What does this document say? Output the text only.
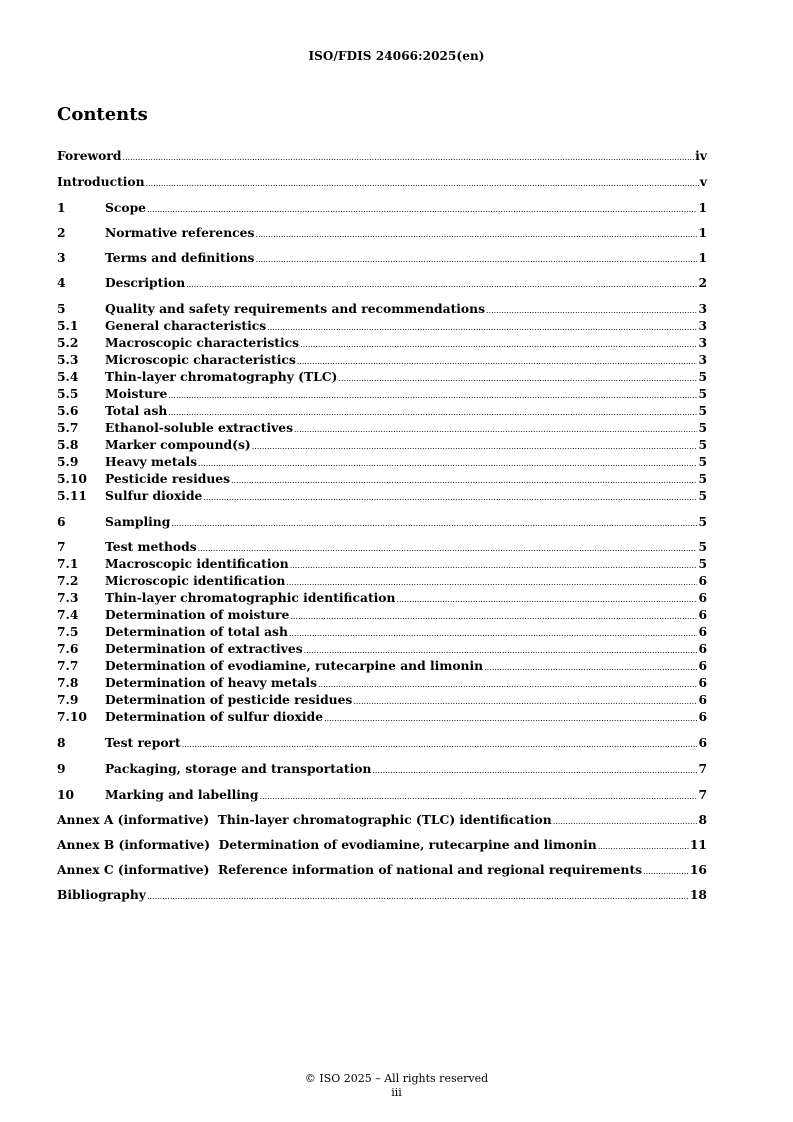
ISO/FDIS 24066:2025(en)
Contents
Foreword .....	iv
Introduction .....	v
1	Scope .....	1
2	Normative references .....	1
3	Terms and definitions .....	1
4	Description .....	2
5	Quality and safety requirements and recommendations .....	3
5.1	General characteristics .....	3
5.2	Macroscopic characteristics .....	3
5.3	Microscopic characteristics .....	3
5.4	Thin-layer chromatography (TLC) .....	5
5.5	Moisture .....	5
5.6	Total ash .....	5
5.7	Ethanol-soluble extractives .....	5
5.8	Marker compound(s) .....	5
5.9	Heavy metals .....	5
5.10	Pesticide residues .....	5
5.11	Sulfur dioxide .....	5
6	Sampling .....	5
7	Test methods .....	5
7.1	Macroscopic identification .....	5
7.2	Microscopic identification .....	6
7.3	Thin-layer chromatographic identification .....	6
7.4	Determination of moisture .....	6
7.5	Determination of total ash .....	6
7.6	Determination of extractives .....	6
7.7	Determination of evodiamine, rutecarpine and limonin .....	6
7.8	Determination of heavy metals .....	6
7.9	Determination of pesticide residues .....	6
7.10	Determination of sulfur dioxide .....	6
8	Test report .....	6
9	Packaging, storage and transportation .....	7
10	Marking and labelling .....	7
Annex A (informative)  Thin-layer chromatographic (TLC) identification .....	8
Annex B (informative)  Determination of evodiamine, rutecarpine and limonin .....	11
Annex C (informative)  Reference information of national and regional requirements .....	16
Bibliography .....	18
© ISO 2025 – All rights reserved
iii
